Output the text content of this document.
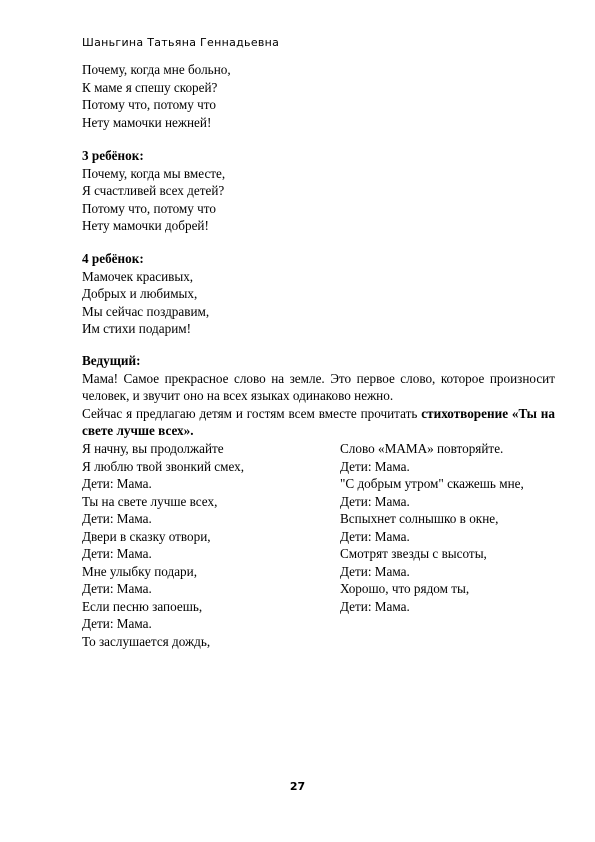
Шаньгина Татьяна Геннадьевна
Почему, когда мне больно,
К маме я спешу скорей?
Потому что, потому что
Нету мамочки нежней!
3 ребёнок:
Почему, когда мы вместе,
Я счастливей всех детей?
Потому что, потому что
Нету мамочки добрей!
4 ребёнок:
Мамочек красивых,
Добрых и любимых,
Мы сейчас поздравим,
Им стихи подарим!
Ведущий:
Мама! Самое прекрасное слово на земле. Это первое слово, которое произносит человек, и звучит оно на всех языках одинаково нежно.
Сейчас я предлагаю детям и гостям всем вместе прочитать стихотворение «Ты на свете лучше всех».
Я начну, вы продолжайте
Я люблю твой звонкий смех,
Дети: Мама.
Ты на свете лучше всех,
Дети: Мама.
Двери в сказку отвори,
Дети: Мама.
Мне улыбку подари,
Дети: Мама.
Если песню запоешь,
Дети: Мама.
То заслушается дождь,
Слово «МАМА» повторяйте.
Дети: Мама.
"С добрым утром" скажешь мне,
Дети: Мама.
Вспыхнет солнышко в окне,
Дети: Мама.
Смотрят звезды с высоты,
Дети: Мама.
Хорошо, что рядом ты,
Дети: Мама.
27
